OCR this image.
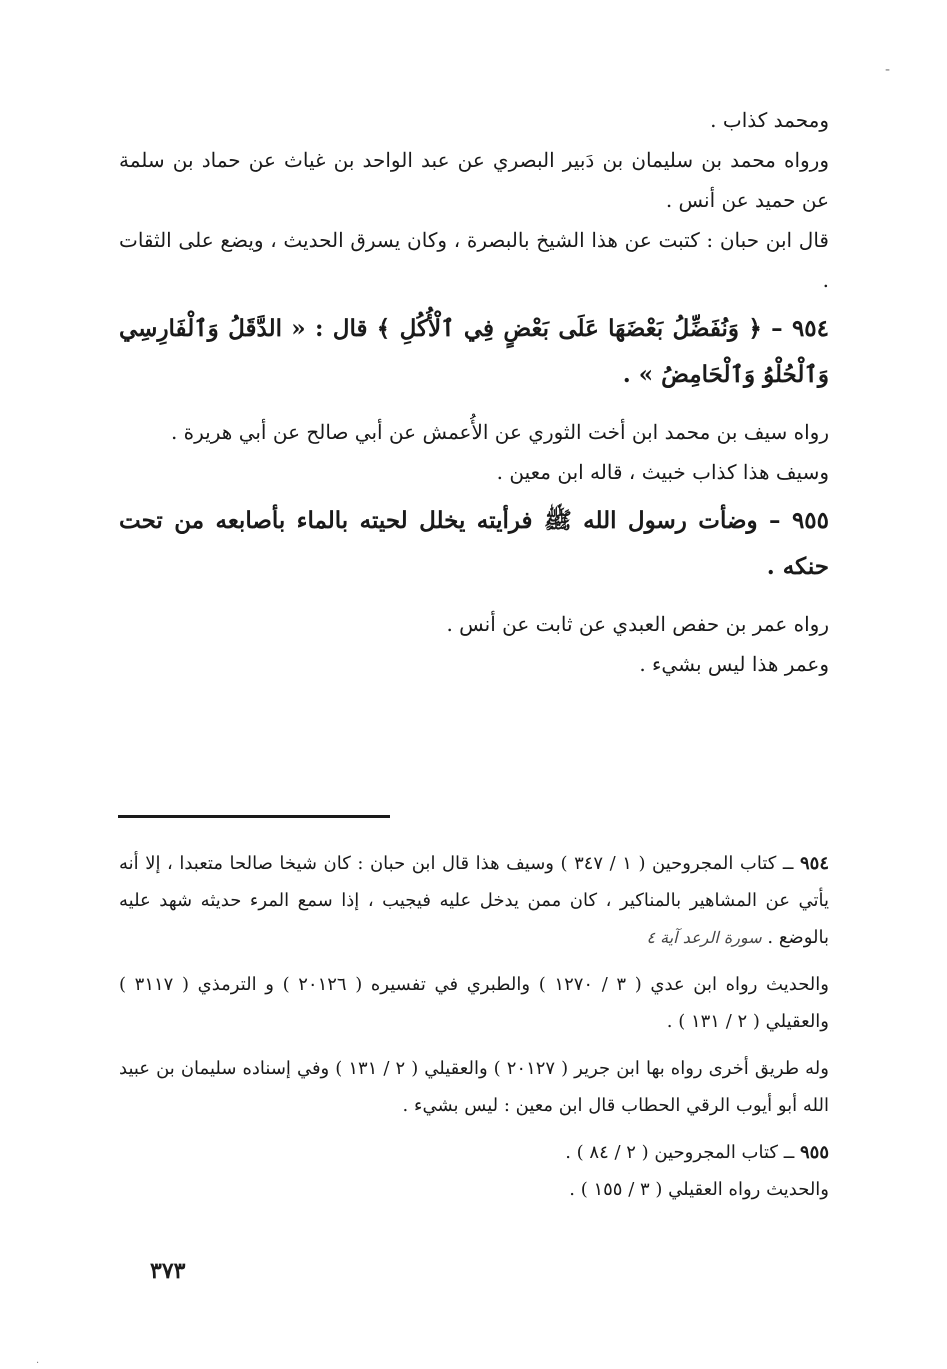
ومحمد كذاب .

ورواه محمد بن سليمان بن دَبير البصري عن عبد الواحد بن غياث عن حماد بن سلمة عن حميد عن أنس .

قال ابن حبان : كتبت عن هذا الشيخ بالبصرة ، وكان يسرق الحديث ، ويضع على الثقات .

٩٥٤ – ﴿ وَنُفَضِّلُ بَعْضَهَا عَلَى بَعْضٍ فِي ٱلْأُكُلِ ﴾ قال : « الدَّقَلُ وَٱلْفَارِسِي وَٱلْحُلْوُ وَٱلْحَامِضُ » .

رواه سيف بن محمد ابن أخت الثوري عن الأُعمش عن أبي صالح عن أبي هريرة .

وسيف هذا كذاب خبيث ، قاله ابن معين .

٩٥٥ – وضأت رسول الله ﷺ فرأيته يخلل لحيته بالماء بأصابعه من تحت حنكه .

رواه عمر بن حفص العبدي عن ثابت عن أنس .

وعمر هذا ليس بشيء .

٩٥٤ ــ كتاب المجروحين ( ١ / ٣٤٧ ) وسيف هذا قال ابن حبان : كان شيخا صالحا متعبدا ، إلا أنه يأتي عن المشاهير بالمناكير ، كان ممن يدخل عليه فيجيب ، إذا سمع المرء حديثه شهد عليه بالوضع . سورة الرعد آية ٤

والحديث رواه ابن عدي ( ٣ / ١٢٧٠ ) والطبري في تفسيره ( ٢٠١٢٦ ) و الترمذي ( ٣١١٧ ) والعقيلي ( ٢ / ١٣١ ) .

وله طريق أخرى رواه بها ابن جرير ( ٢٠١٢٧ ) والعقيلي ( ٢ / ١٣١ ) وفي إسناده سليمان بن عبيد الله أبو أيوب الرقي الحطاب قال ابن معين : ليس بشيء .

٩٥٥ ــ كتاب المجروحين ( ٢ / ٨٤ ) .

والحديث رواه العقيلي ( ٣ / ١٥٥ ) .

٣٧٣
-
·
